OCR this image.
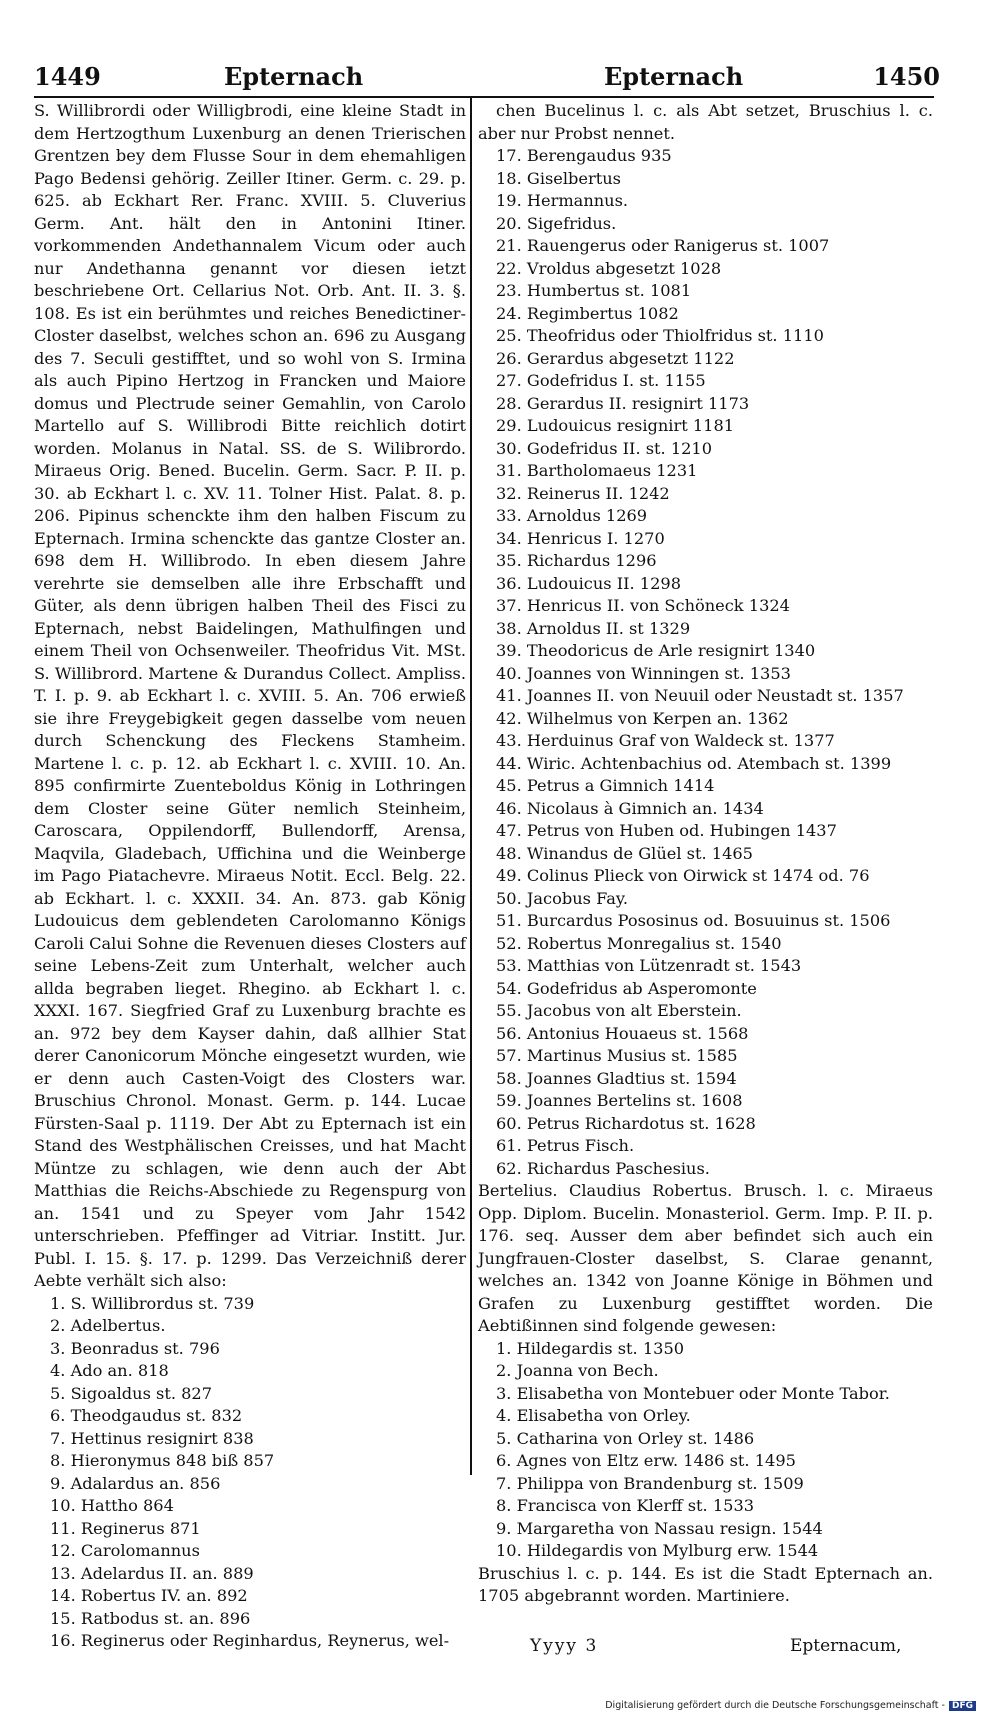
1449	Epternach	Epternach	1450

S. Willibrordi oder Willigbrodi, eine kleine Stadt in dem Hertzogthum Luxenburg an denen Trierischen Grentzen bey dem Flusse Sour in dem ehemahligen Pago Bedensi gehörig. Zeiller Itiner. Germ. c. 29. p. 625. ab Eckhart Rer. Franc. XVIII. 5. Cluverius Germ. Ant. hält den in Antonini Itiner. vorkommenden Andethannalem Vicum oder auch nur Andethanna genannt vor diesen ietzt beschriebene Ort. Cellarius Not. Orb. Ant. II. 3. §. 108. Es ist ein berühmtes und reiches Benedictiner-Closter daselbst, welches schon an. 696 zu Ausgang des 7. Seculi gestifftet, und so wohl von S. Irmina als auch Pipino Hertzog in Francken und Maiore domus und Plectrude seiner Gemahlin, von Carolo Martello auf S. Willibrodi Bitte reichlich dotirt worden. Molanus in Natal. SS. de S. Wilibrordo. Miraeus Orig. Bened. Bucelin. Germ. Sacr. P. II. p. 30. ab Eckhart l. c. XV. 11. Tolner Hist. Palat. 8. p. 206. Pipinus schenckte ihm den halben Fiscum zu Epternach. Irmina schenckte das gantze Closter an. 698 dem H. Willibrodo. In eben diesem Jahre verehrte sie demselben alle ihre Erbschafft und Güter, als denn übrigen halben Theil des Fisci zu Epternach, nebst Baidelingen, Mathulfingen und einem Theil von Ochsenweiler. Theofridus Vit. MSt. S. Willibrord. Martene & Durandus Collect. Ampliss. T. I. p. 9. ab Eckhart l. c. XVIII. 5. An. 706 erwieß sie ihre Freygebigkeit gegen dasselbe vom neuen durch Schenckung des Fleckens Stamheim. Martene l. c. p. 12. ab Eckhart l. c. XVIII. 10. An. 895 confirmirte Zuenteboldus König in Lothringen dem Closter seine Güter nemlich Steinheim, Caroscara, Oppilendorff, Bullendorff, Arensa, Maqvila, Gladebach, Uffichina und die Weinberge im Pago Piatachevre. Miraeus Notit. Eccl. Belg. 22. ab Eckhart. l. c. XXXII. 34. An. 873. gab König Ludouicus dem geblendeten Carolomanno Königs Caroli Calui Sohne die Revenuen dieses Closters auf seine Lebens-Zeit zum Unterhalt, welcher auch allda begraben lieget. Rhegino. ab Eckhart l. c. XXXI. 167. Siegfried Graf zu Luxenburg brachte es an. 972 bey dem Kayser dahin, daß allhier Stat derer Canonicorum Mönche eingesetzt wurden, wie er denn auch Casten-Voigt des Closters war. Bruschius Chronol. Monast. Germ. p. 144. Lucae Fürsten-Saal p. 1119. Der Abt zu Epternach ist ein Stand des Westphälischen Creisses, und hat Macht Müntze zu schlagen, wie denn auch der Abt Matthias die Reichs-Abschiede zu Regenspurg von an. 1541 und zu Speyer vom Jahr 1542 unterschrieben. Pfeffinger ad Vitriar. Institt. Jur. Publ. I. 15. §. 17. p. 1299. Das Verzeichniß derer Aebte verhält sich also:

1. S. Willibrordus st. 739
2. Adelbertus.
3. Beonradus st. 796
4. Ado an. 818
5. Sigoaldus st. 827
6. Theodgaudus st. 832
7. Hettinus resignirt 838
8. Hieronymus 848 biß 857
9. Adalardus an. 856
10. Hattho 864
11. Reginerus 871
12. Carolomannus
13. Adelardus II. an. 889
14. Robertus IV. an. 892
15. Ratbodus st. an. 896
16. Reginerus oder Reginhardus, Reynerus, wel-

chen Bucelinus l. c. als Abt setzet, Bruschius l. c. aber nur Probst nennet.

17. Berengaudus 935
18. Giselbertus
19. Hermannus.
20. Sigefridus.
21. Rauengerus oder Ranigerus st. 1007
22. Vroldus abgesetzt 1028
23. Humbertus st. 1081
24. Regimbertus 1082
25. Theofridus oder Thiolfridus st. 1110
26. Gerardus abgesetzt 1122
27. Godefridus I. st. 1155
28. Gerardus II. resignirt 1173
29. Ludouicus resignirt 1181
30. Godefridus II. st. 1210
31. Bartholomaeus 1231
32. Reinerus II. 1242
33. Arnoldus 1269
34. Henricus I. 1270
35. Richardus 1296
36. Ludouicus II. 1298
37. Henricus II. von Schöneck 1324
38. Arnoldus II. st 1329
39. Theodoricus de Arle resignirt 1340
40. Joannes von Winningen st. 1353
41. Joannes II. von Neuuil oder Neustadt st. 1357
42. Wilhelmus von Kerpen an. 1362
43. Herduinus Graf von Waldeck st. 1377
44. Wiric. Achtenbachius od. Atembach st. 1399
45. Petrus a Gimnich 1414
46. Nicolaus à Gimnich an. 1434
47. Petrus von Huben od. Hubingen 1437
48. Winandus de Glüel st. 1465
49. Colinus Plieck von Oirwick st 1474 od. 76
50. Jacobus Fay.
51. Burcardus Pososinus od. Bosuuinus st. 1506
52. Robertus Monregalius st. 1540
53. Matthias von Lützenradt st. 1543
54. Godefridus ab Asperomonte
55. Jacobus von alt Eberstein.
56. Antonius Houaeus st. 1568
57. Martinus Musius st. 1585
58. Joannes Gladtius st. 1594
59. Joannes Bertelins st. 1608
60. Petrus Richardotus st. 1628
61. Petrus Fisch.
62. Richardus Paschesius.

Bertelius. Claudius Robertus. Brusch. l. c. Miraeus Opp. Diplom. Bucelin. Monasteriol. Germ. Imp. P. II. p. 176. seq. Ausser dem aber befindet sich auch ein Jungfrauen-Closter daselbst, S. Clarae genannt, welches an. 1342 von Joanne Könige in Böhmen und Grafen zu Luxenburg gestifftet worden. Die Aebtißinnen sind folgende gewesen:

1. Hildegardis st. 1350
2. Joanna von Bech.
3. Elisabetha von Montebuer oder Monte Tabor.
4. Elisabetha von Orley.
5. Catharina von Orley st. 1486
6. Agnes von Eltz erw. 1486 st. 1495
7. Philippa von Brandenburg st. 1509
8. Francisca von Klerff st. 1533
9. Margaretha von Nassau resign. 1544
10. Hildegardis von Mylburg erw. 1544

Bruschius l. c. p. 144. Es ist die Stadt Epternach an. 1705 abgebrannt worden. Martiniere.

Yyyy 3	Epternacum,
Digitalisierung gefördert durch die Deutsche Forschungsgemeinschaft - DFG
